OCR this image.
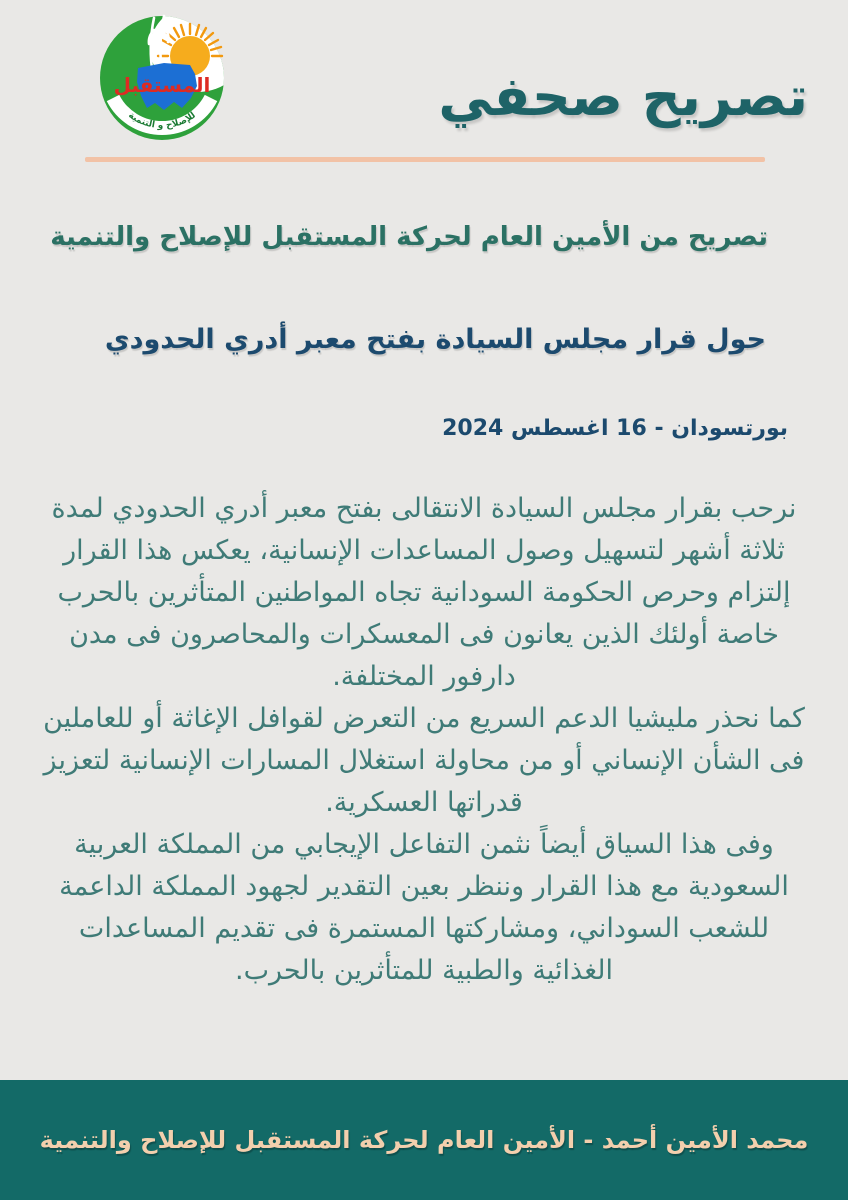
المستقبل
للإصلاح و التنمية	تصريح صحفي
تصريح من الأمين العام لحركة المستقبل للإصلاح والتنمية
حول قرار مجلس السيادة بفتح معبر أدري الحدودي
بورتسودان - 16 اغسطس 2024

نرحب بقرار مجلس السيادة الانتقالى بفتح معبر أدري الحدودي لمدة ثلاثة أشهر لتسهيل وصول المساعدات الإنسانية، يعكس هذا القرار إلتزام وحرص الحكومة السودانية تجاه المواطنين المتأثرين بالحرب خاصة أولئك الذين يعانون فى المعسكرات والمحاصرون فى مدن دارفور المختلفة.

كما نحذر مليشيا الدعم السريع من التعرض لقوافل الإغاثة أو للعاملين فى الشأن الإنساني أو من محاولة استغلال المسارات الإنسانية لتعزيز قدراتها العسكرية.

وفى هذا السياق أيضاً نثمن التفاعل الإيجابي من المملكة العربية السعودية مع هذا القرار وننظر بعين التقدير لجهود المملكة الداعمة للشعب السوداني، ومشاركتها المستمرة فى تقديم المساعدات الغذائية والطبية للمتأثرين بالحرب.

محمد الأمين أحمد - الأمين العام لحركة المستقبل للإصلاح والتنمية
